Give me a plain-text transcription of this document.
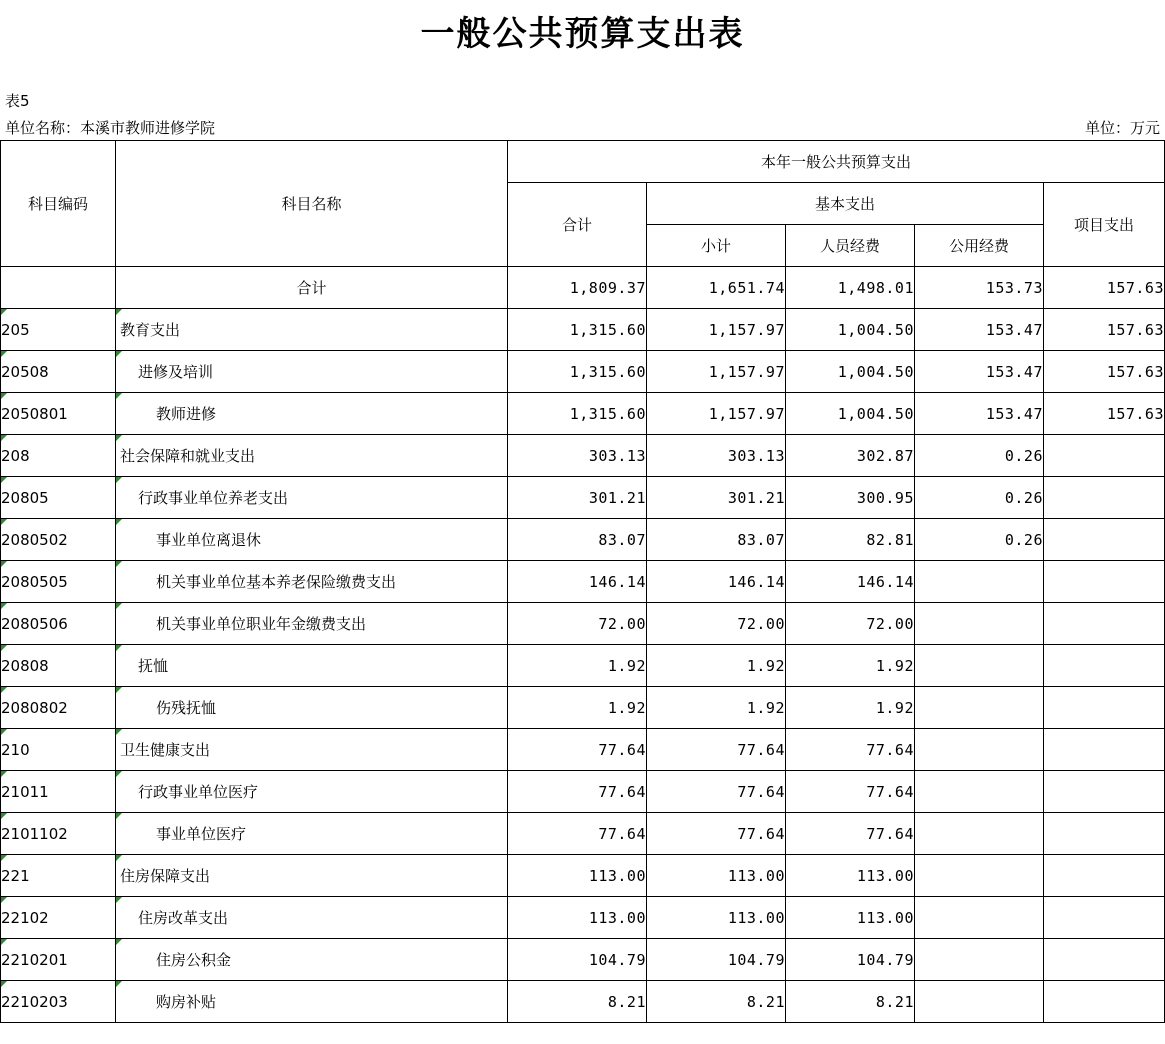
一般公共预算支出表
表5
单位名称：本溪市教师进修学院	单位：万元
科目编码	科目名称	本年一般公共预算支出				
		合计	基本支出			项目支出
			小计	人员经费	公用经费	
	合计	1,809.37	1,651.74	1,498.01	153.73	157.63
205	教育支出	1,315.60	1,157.97	1,004.50	153.47	157.63
20508	进修及培训	1,315.60	1,157.97	1,004.50	153.47	157.63
2050801	教师进修	1,315.60	1,157.97	1,004.50	153.47	157.63
208	社会保障和就业支出	303.13	303.13	302.87	0.26	
20805	行政事业单位养老支出	301.21	301.21	300.95	0.26	
2080502	事业单位离退休	83.07	83.07	82.81	0.26	
2080505	机关事业单位基本养老保险缴费支出	146.14	146.14	146.14		
2080506	机关事业单位职业年金缴费支出	72.00	72.00	72.00		
20808	抚恤	1.92	1.92	1.92		
2080802	伤残抚恤	1.92	1.92	1.92		
210	卫生健康支出	77.64	77.64	77.64		
21011	行政事业单位医疗	77.64	77.64	77.64		
2101102	事业单位医疗	77.64	77.64	77.64		
221	住房保障支出	113.00	113.00	113.00		
22102	住房改革支出	113.00	113.00	113.00		
2210201	住房公积金	104.79	104.79	104.79		
2210203	购房补贴	8.21	8.21	8.21		
